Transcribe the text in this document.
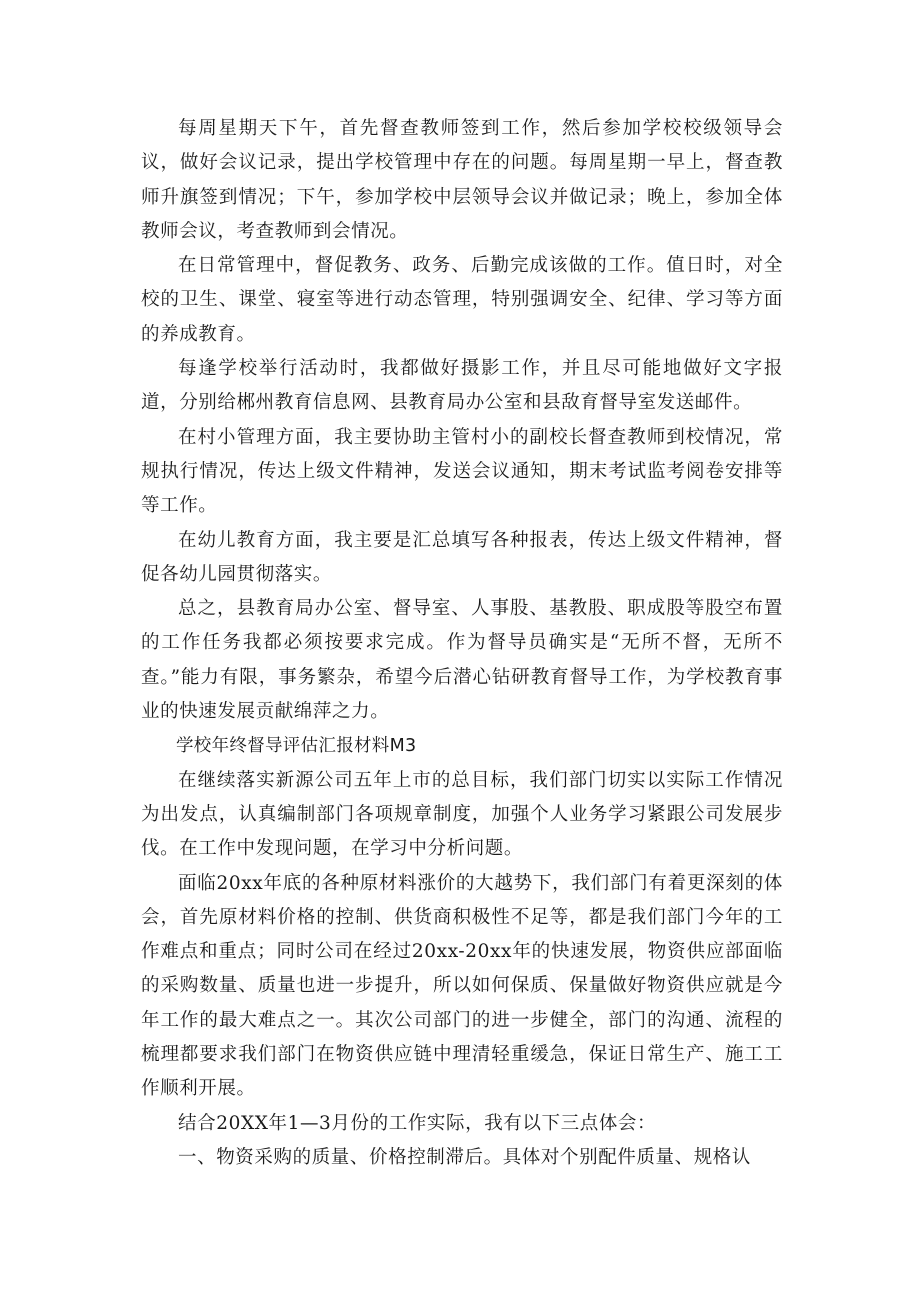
每周星期天下午，首先督查教师签到工作，然后参加学校校级领导会议，做好会议记录，提出学校管理中存在的问题。每周星期一早上，督查教师升旗签到情况；下午，参加学校中层领导会议并做记录；晚上，参加全体教师会议，考查教师到会情况。

在日常管理中，督促教务、政务、后勤完成该做的工作。值日时，对全校的卫生、课堂、寝室等进行动态管理，特别强调安全、纪律、学习等方面的养成教育。

每逢学校举行活动时，我都做好摄影工作，并且尽可能地做好文字报道，分别给郴州教育信息网、县教育局办公室和县敌育督导室发送邮件。

在村小管理方面，我主要协助主管村小的副校长督查教师到校情况，常规执行情况，传达上级文件精神，发送会议通知，期末考试监考阅卷安排等等工作。

在幼儿教育方面，我主要是汇总填写各种报表，传达上级文件精神，督促各幼儿园贯彻落实。

总之，县教育局办公室、督导室、人事股、基教股、职成股等股空布置的工作任务我都必须按要求完成。作为督导员确实是“无所不督，无所不查。”能力有限，事务繁杂，希望今后潜心钻研教育督导工作，为学校教育事业的快速发展贡献绵萍之力。

学校年终督导评估汇报材料M3

在继续落实新源公司五年上市的总目标，我们部门切实以实际工作情况为出发点，认真编制部门各项规章制度，加强个人业务学习紧跟公司发展步伐。在工作中发现问题，在学习中分析问题。

面临20xx年底的各种原材料涨价的大越势下，我们部门有着更深刻的体会，首先原材料价格的控制、供货商积极性不足等，都是我们部门今年的工作难点和重点；同时公司在经过20xx-20xx年的快速发展，物资供应部面临的采购数量、质量也进一步提升，所以如何保质、保量做好物资供应就是今年工作的最大难点之一。其次公司部门的进一步健全，部门的沟通、流程的梳理都要求我们部门在物资供应链中理清轻重缓急，保证日常生产、施工工作顺利开展。

结合20XX年1—3月份的工作实际，我有以下三点体会：

一、物资采购的质量、价格控制滞后。具体对个别配件质量、规格认
